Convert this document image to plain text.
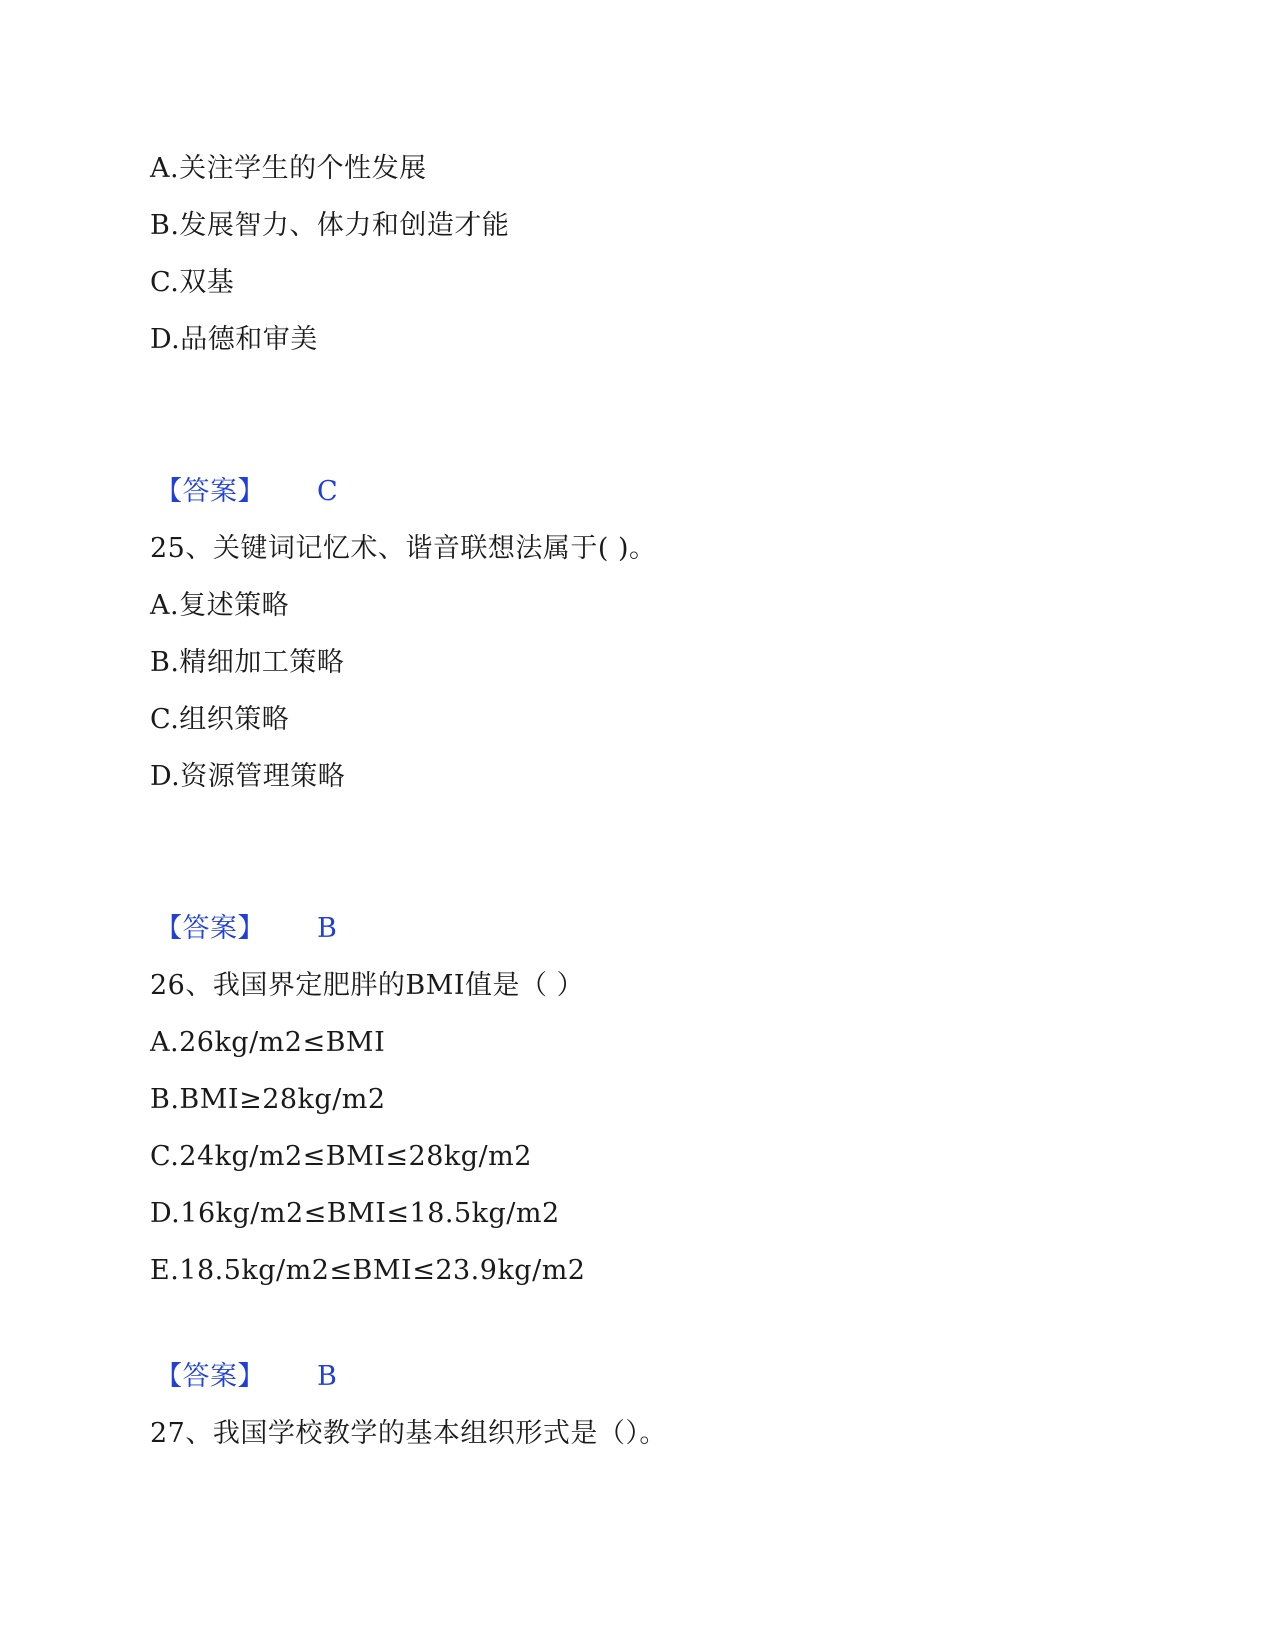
A.关注学生的个性发展
B.发展智力、体力和创造才能
C.双基
D.品德和审美
【答案】 C
25、关键词记忆术、谐音联想法属于( )。
A.复述策略
B.精细加工策略
C.组织策略
D.资源管理策略
【答案】 B
26、我国界定肥胖的BMI值是（ ）
A.26kg/m2≤BMI
B.BMI≥28kg/m2
C.24kg/m2≤BMI≤28kg/m2
D.16kg/m2≤BMI≤18.5kg/m2
E.18.5kg/m2≤BMI≤23.9kg/m2
【答案】 B
27、我国学校教学的基本组织形式是（）。
